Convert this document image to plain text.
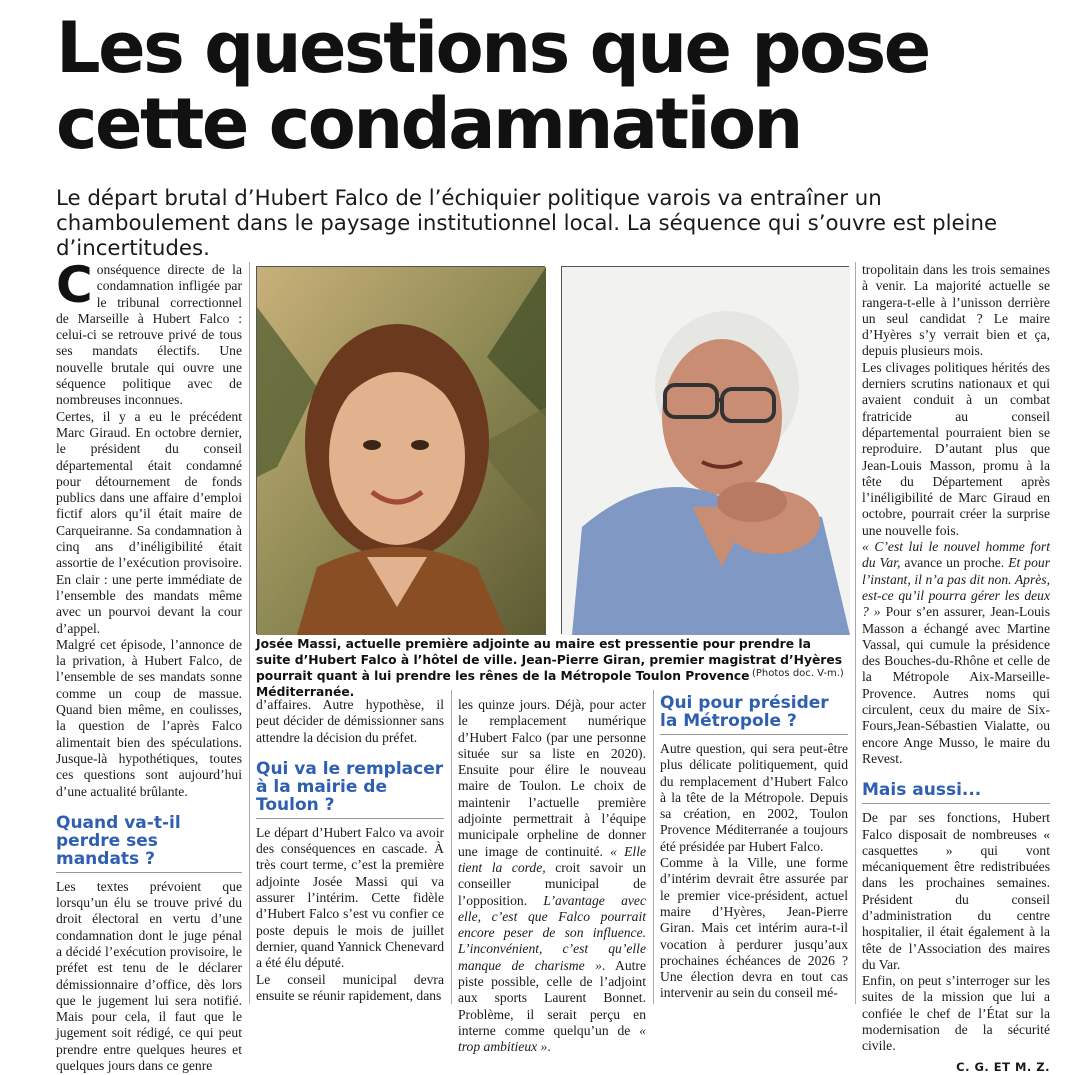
Les questions que pose
cette condamnation
Le départ brutal d’Hubert Falco de l’échiquier politique varois va entraîner un chamboulement dans le paysage institutionnel local. La séquence qui s’ouvre est pleine d’incertitudes.

Conséquence directe de la condamnation infligée par le tribunal correctionnel de Marseille à Hubert Falco : celui-ci se retrouve privé de tous ses mandats électifs. Une nouvelle brutale qui ouvre une séquence politique avec de nombreuses inconnues.

Certes, il y a eu le précédent Marc Giraud. En octobre dernier, le président du conseil départemental était condamné pour détournement de fonds publics dans une affaire d’emploi fictif alors qu’il était maire de Carqueiranne. Sa condamnation à cinq ans d’inéligibilité était assortie de l’exécution provisoire. En clair : une perte immédiate de l’ensemble des mandats même avec un pourvoi devant la cour d’appel.

Malgré cet épisode, l’annonce de la privation, à Hubert Falco, de l’ensemble de ses mandats sonne comme un coup de massue. Quand bien même, en coulisses, la question de l’après Falco alimentait bien des spéculations. Jusque-là hypothétiques, toutes ces questions sont aujourd’hui d’une actualité brûlante.

Quand va-t-il perdre ses mandats ?

Les textes prévoient que lorsqu’un élu se trouve privé du droit électoral en vertu d’une condamnation dont le juge pénal a décidé l’exécution provisoire, le préfet est tenu de le déclarer démissionnaire d’office, dès lors que le jugement lui sera notifié. Mais pour cela, il faut que le jugement soit rédigé, ce qui peut prendre entre quelques heures et quelques jours dans ce genre

Josée Massi, actuelle première adjointe au maire est pressentie pour prendre la suite d’Hubert Falco à l’hôtel de ville. Jean-Pierre Giran, premier magistrat d’Hyères pourrait quant à lui prendre les rênes de la Métropole Toulon Provence Méditerranée.
(Photos doc. V-m.)

d’affaires. Autre hypothèse, il peut décider de démissionner sans attendre la décision du préfet.

Qui va le remplacer à la mairie de Toulon ?

Le départ d’Hubert Falco va avoir des conséquences en cascade. À très court terme, c’est la première adjointe Josée Massi qui va assurer l’intérim. Cette fidèle d’Hubert Falco s’est vu confier ce poste depuis le mois de juillet dernier, quand Yannick Chenevard a été élu député.

Le conseil municipal devra ensuite se réunir rapidement, dans

les quinze jours. Déjà, pour acter le remplacement numérique d’Hubert Falco (par une personne située sur sa liste en 2020). Ensuite pour élire le nouveau maire de Toulon. Le choix de maintenir l’actuelle première adjointe permettrait à l’équipe municipale orpheline de donner une image de continuité. « Elle tient la corde, croit savoir un conseiller municipal de l’opposition. L’avantage avec elle, c’est que Falco pourrait encore peser de son influence. L’inconvénient, c’est qu’elle manque de charisme ». Autre piste possible, celle de l’adjoint aux sports Laurent Bonnet. Problème, il serait perçu en interne comme quelqu’un de « trop ambitieux ».

Qui pour présider la Métropole ?

Autre question, qui sera peut-être plus délicate politiquement, quid du remplacement d’Hubert Falco à la tête de la Métropole. Depuis sa création, en 2002, Toulon Provence Méditerranée a toujours été présidée par Hubert Falco.

Comme à la Ville, une forme d’intérim devrait être assurée par le premier vice-président, actuel maire d’Hyères, Jean-Pierre Giran. Mais cet intérim aura-t-il vocation à perdurer jusqu’aux prochaines échéances de 2026 ? Une élection devra en tout cas intervenir au sein du conseil mé-

tropolitain dans les trois semaines à venir. La majorité actuelle se rangera-t-elle à l’unisson derrière un seul candidat ? Le maire d’Hyères s’y verrait bien et ça, depuis plusieurs mois.

Les clivages politiques hérités des derniers scrutins nationaux et qui avaient conduit à un combat fratricide au conseil départemental pourraient bien se reproduire. D’autant plus que Jean-Louis Masson, promu à la tête du Département après l’inéligibilité de Marc Giraud en octobre, pourrait créer la surprise une nouvelle fois.

« C’est lui le nouvel homme fort du Var, avance un proche. Et pour l’instant, il n’a pas dit non. Après, est-ce qu’il pourra gérer les deux ? » Pour s’en assurer, Jean-Louis Masson a échangé avec Martine Vassal, qui cumule la présidence des Bouches-du-Rhône et celle de la Métropole Aix-Marseille-Provence. Autres noms qui circulent, ceux du maire de Six-Fours,Jean-Sébastien Vialatte, ou encore Ange Musso, le maire du Revest.

Mais aussi...

De par ses fonctions, Hubert Falco disposait de nombreuses « casquettes » qui vont mécaniquement être redistribuées dans les prochaines semaines. Président du conseil d’administration du centre hospitalier, il était également à la tête de l’Association des maires du Var.

Enfin, on peut s’interroger sur les suites de la mission que lui a confiée le chef de l’État sur la modernisation de la sécurité civile.

C. G. ET M. Z.
